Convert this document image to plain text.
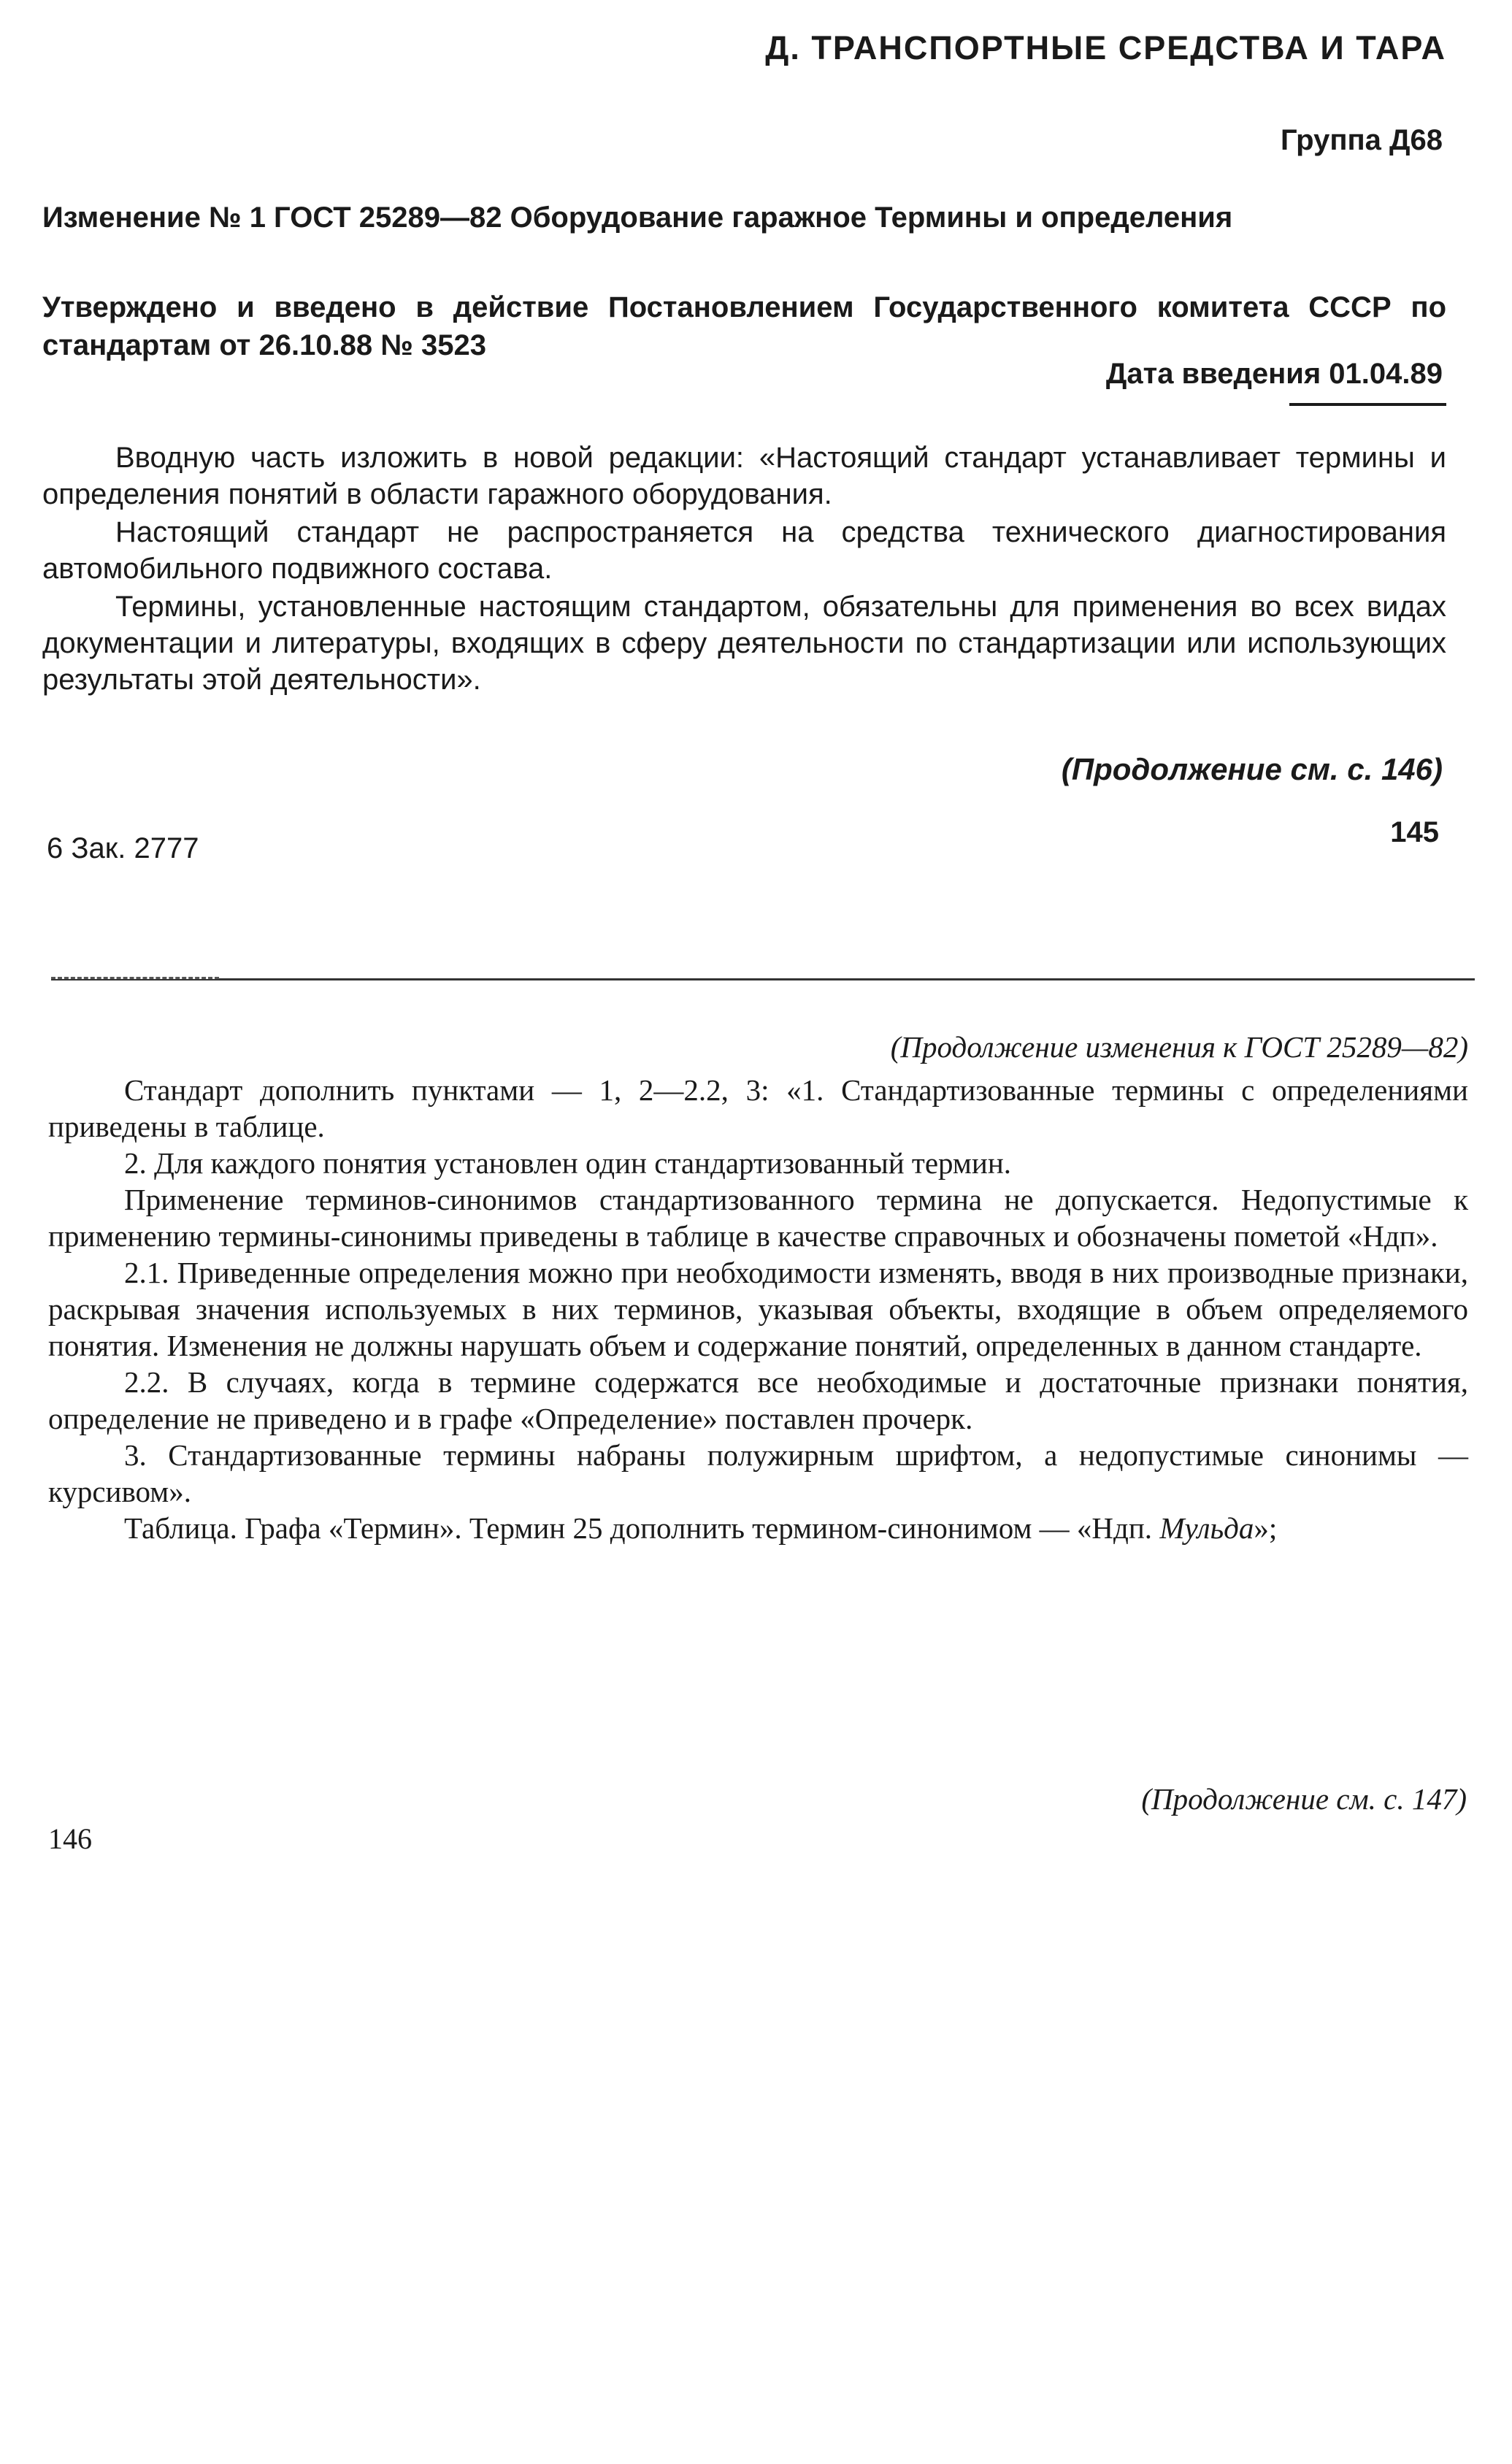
Д. ТРАНСПОРТНЫЕ СРЕДСТВА И ТАРА
Группа Д68
Изменение № 1 ГОСТ 25289—82 Оборудование гаражное Термины и определения
Утверждено и введено в действие Постановлением Государственного комитета СССР по стандартам от 26.10.88 № 3523
Дата введения 01.04.89

Вводную часть изложить в новой редакции: «Настоящий стандарт устанавливает термины и определения понятий в области гаражного оборудования.

Настоящий стандарт не распространяется на средства технического диагностирования автомобильного подвижного состава.

Термины, установленные настоящим стандартом, обязательны для применения во всех видах документации и литературы, входящих в сферу деятельности по стандартизации или использующих результаты этой деятельности».

(Продолжение см. с. 146)
6 Зак. 2777	145
(Продолжение изменения к ГОСТ 25289—82)

Стандарт дополнить пунктами — 1, 2—2.2, 3: «1. Стандартизованные термины с определениями приведены в таблице.

2. Для каждого понятия установлен один стандартизованный термин.

Применение терминов-синонимов стандартизованного термина не допускается. Недопустимые к применению термины-синонимы приведены в таблице в качестве справочных и обозначены пометой «Ндп».

2.1. Приведенные определения можно при необходимости изменять, вводя в них производные признаки, раскрывая значения используемых в них терминов, указывая объекты, входящие в объем определяемого понятия. Изменения не должны нарушать объем и содержание понятий, определенных в данном стандарте.

2.2. В случаях, когда в термине содержатся все необходимые и достаточные признаки понятия, определение не приведено и в графе «Определение» поставлен прочерк.

3. Стандартизованные термины набраны полужирным шрифтом, а недопустимые синонимы — курсивом».

Таблица. Графа «Термин». Термин 25 дополнить термином-синонимом — «Ндп. Мульда»;

(Продолжение см. с. 147)
146
